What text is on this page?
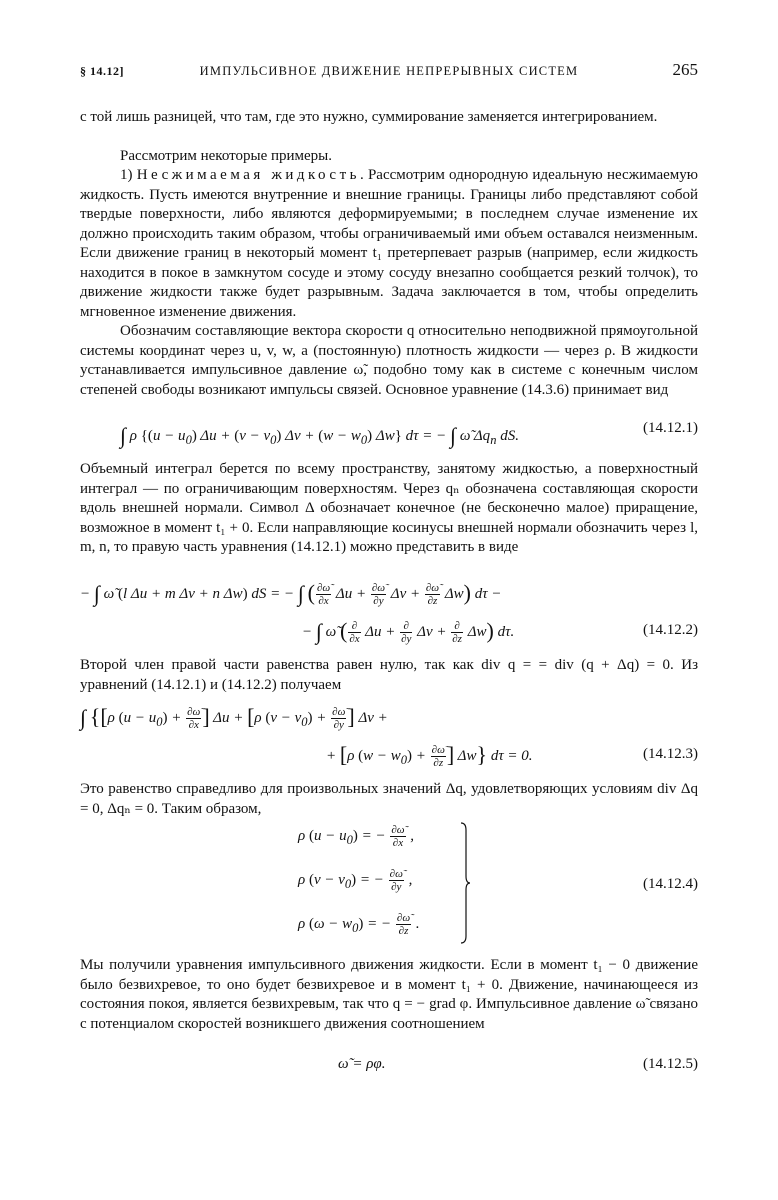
§ 14.12]	ИМПУЛЬСИВНОЕ ДВИЖЕНИЕ НЕПРЕРЫВНЫХ СИСТЕМ	265

с той лишь разницей, что там, где это нужно, суммирование заменяется интегрированием.

Рассмотрим некоторые примеры.

1) Несжимаемая жидкость. Рассмотрим однородную идеальную несжимаемую жидкость. Пусть имеются внутренние и внешние границы. Границы либо представляют собой твердые поверхности, либо являются деформируемыми; в последнем случае изменение их должно происходить таким образом, чтобы ограничиваемый ими объем оставался неизменным. Если движение границ в некоторый момент t₁ претерпевает разрыв (например, если жидкость находится в покое в замкнутом сосуде и этому сосуду внезапно сообщается резкий толчок), то движение жидкости также будет разрывным. Задача заключается в том, чтобы определить мгновенное изменение движения.

Обозначим составляющие вектора скорости q относительно неподвижной прямоугольной системы координат через u, v, w, а (постоянную) плотность жидкости — через ρ. В жидкости устанавливается импульсивное давление ω̃, подобно тому как в системе с конечным числом степеней свободы возникают импульсы связей. Основное уравнение (14.3.6) принимает вид

∫ ρ {$(u - u_0)$ $\Delta u + (v - v_0)$ $\Delta v + (w - w_0)$ Δw} dτ = − ∫ ω̃ $\Delta q_n$ dS.	(14.12.1)

Объемный интеграл берется по всему пространству, занятому жидкостью, а поверхностный интеграл — по ограничивающим поверхностям. Через qₙ обозначена составляющая скорости вдоль внешней нормали. Символ Δ обозначает конечное (не бесконечно малое) приращение, возможное в момент t₁ + 0. Если направляющие косинусы внешней нормали обозначить через l, m, n, то правую часть уравнения (14.12.1) можно представить в виде

− ∫ ω̃ (l Δu + m Δv + n Δw) dS = − ∫ ( $\frac{\partial\omegã}{\partial x}$ $\Delta u + \frac{\partial\omegã}{\partial y}$ $\Delta v + \frac{\partial\omegã}{\partial z} \Delta w$) dτ −
− ∫ ω̃ ( $\frac{\partial}{\partial x}$ $\Delta u + \frac{\partial}{\partial y}$ $\Delta v + \frac{\partial}{\partial z} \Delta w$) dτ.	(14.12.2)

Второй член правой части равенства равен нулю, так как div q = = div (q + Δq) = 0. Из уравнений (14.12.1) и (14.12.2) получаем

∫ {[ρ $(u - u_0) + \frac{\partial\omegã}{\partial x}$ ] Δu + [ρ $(v - v_0) + \frac{\partial\omegã}{\partial y}$ ] Δv +
+ [ρ $(w - w_0) + \frac{\partial\omegã}{\partial z}$ ] Δw} dτ = 0.	(14.12.3)

Это равенство справедливо для произвольных значений Δq, удовлетворяющих условиям div Δq = 0, Δqₙ = 0. Таким образом,

ρ $(u - u_0)$ = − $\frac{\partial\omegã}{\partial x}$ ,
ρ $(v - v_0)$ = − $\frac{\partial\omegã}{\partial y}$ ,
ρ $(\omega - w_0)$ = − $\frac{\partial\omegã}{\partial z}$ .
(14.12.4)

Мы получили уравнения импульсивного движения жидкости. Если в момент t₁ − 0 движение было безвихревое, то оно будет безвихревое и в момент t₁ + 0. Движение, начинающееся из состояния покоя, является безвихревым, так что q = − grad φ. Импульсивное давление ω̃ связано с потенциалом скоростей возникшего движения соотношением

ω̃ = ρφ.	(14.12.5)
